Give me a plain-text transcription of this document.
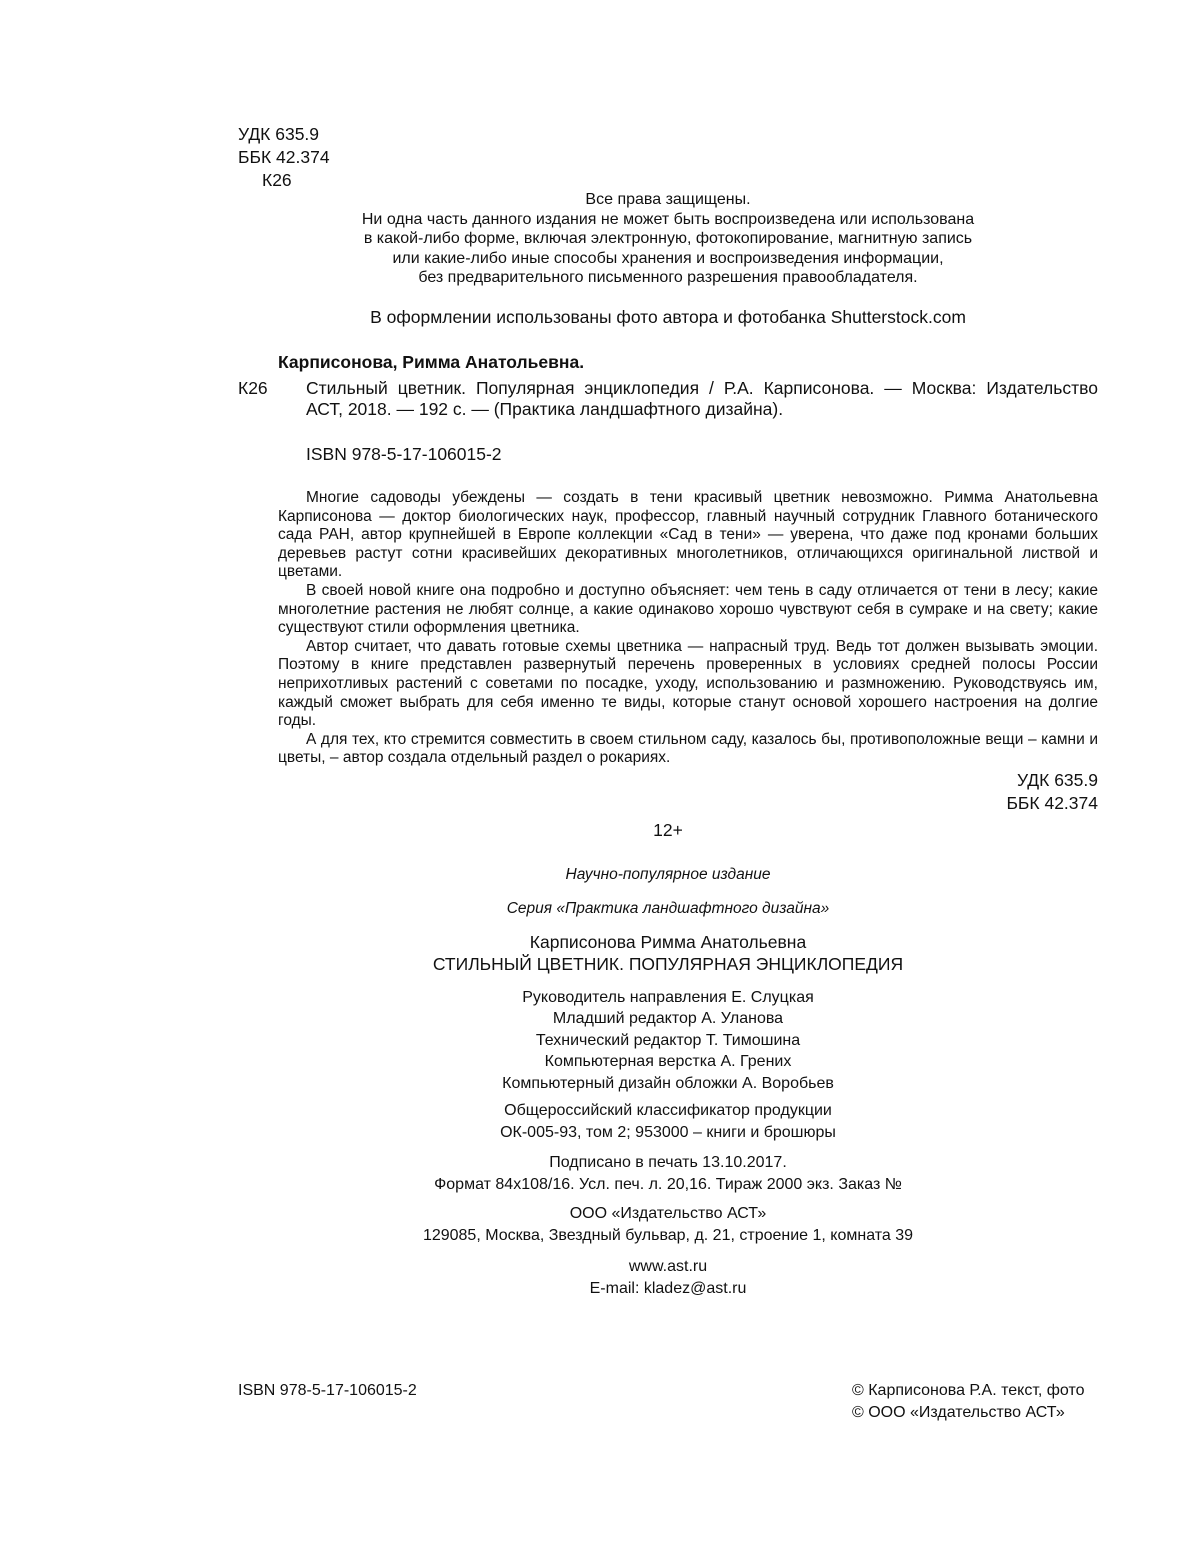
УДК 635.9
ББК 42.374
К26
Все права защищены.
Ни одна часть данного издания не может быть воспроизведена или использована
в какой-либо форме, включая электронную, фотокопирование, магнитную запись
или какие-либо иные способы хранения и воспроизведения информации,
без предварительного письменного разрешения правообладателя.
В оформлении использованы фото автора и фотобанка Shutterstock.com
Карписонова, Римма Анатольевна.
К26 Стильный цветник. Популярная энциклопедия / Р.А. Карписонова. — Москва: Издательство
АСТ, 2018. — 192 с. — (Практика ландшафтного дизайна).
ISBN 978-5-17-106015-2

Многие садоводы убеждены — создать в тени красивый цветник невозможно. Римма Анатольевна Карписонова — доктор биологических наук, профессор, главный научный сотрудник Главного ботанического сада РАН, автор крупнейшей в Европе коллекции «Сад в тени» — уверена, что даже под кронами больших деревьев растут сотни красивейших декоративных многолетников, отличающихся оригинальной листвой и цветами.

В своей новой книге она подробно и доступно объясняет: чем тень в саду отличается от тени в лесу; какие многолетние растения не любят солнце, а какие одинаково хорошо чувствуют себя в сумраке и на свету; какие существуют стили оформления цветника.

Автор считает, что давать готовые схемы цветника — напрасный труд. Ведь тот должен вызывать эмоции. Поэтому в книге представлен развернутый перечень проверенных в условиях средней полосы России неприхотливых растений с советами по посадке, уходу, использованию и размножению. Руководствуясь им, каждый сможет выбрать для себя именно те виды, которые станут основой хорошего настроения на долгие годы.

А для тех, кто стремится совместить в своем стильном саду, казалось бы, противоположные вещи – камни и цветы, – автор создала отдельный раздел о рокариях.

УДК 635.9
ББК 42.374
12+
Научно-популярное издание
Серия «Практика ландшафтного дизайна»
Карписонова Римма Анатольевна
СТИЛЬНЫЙ ЦВЕТНИК. ПОПУЛЯРНАЯ ЭНЦИКЛОПЕДИЯ
Руководитель направления Е. Слуцкая
Младший редактор А. Уланова
Технический редактор Т. Тимошина
Компьютерная верстка А. Грених
Компьютерный дизайн обложки А. Воробьев
Общероссийский классификатор продукции
ОК-005-93, том 2; 953000 – книги и брошюры
Подписано в печать 13.10.2017.
Формат 84х108/16. Усл. печ. л. 20,16. Тираж 2000 экз. Заказ №
ООО «Издательство АСТ»
129085, Москва, Звездный бульвар, д. 21, строение 1, комната 39
www.ast.ru
E-mail: kladez@ast.ru
ISBN 978-5-17-106015-2	© Карписонова Р.А. текст, фото
© ООО «Издательство АСТ»
